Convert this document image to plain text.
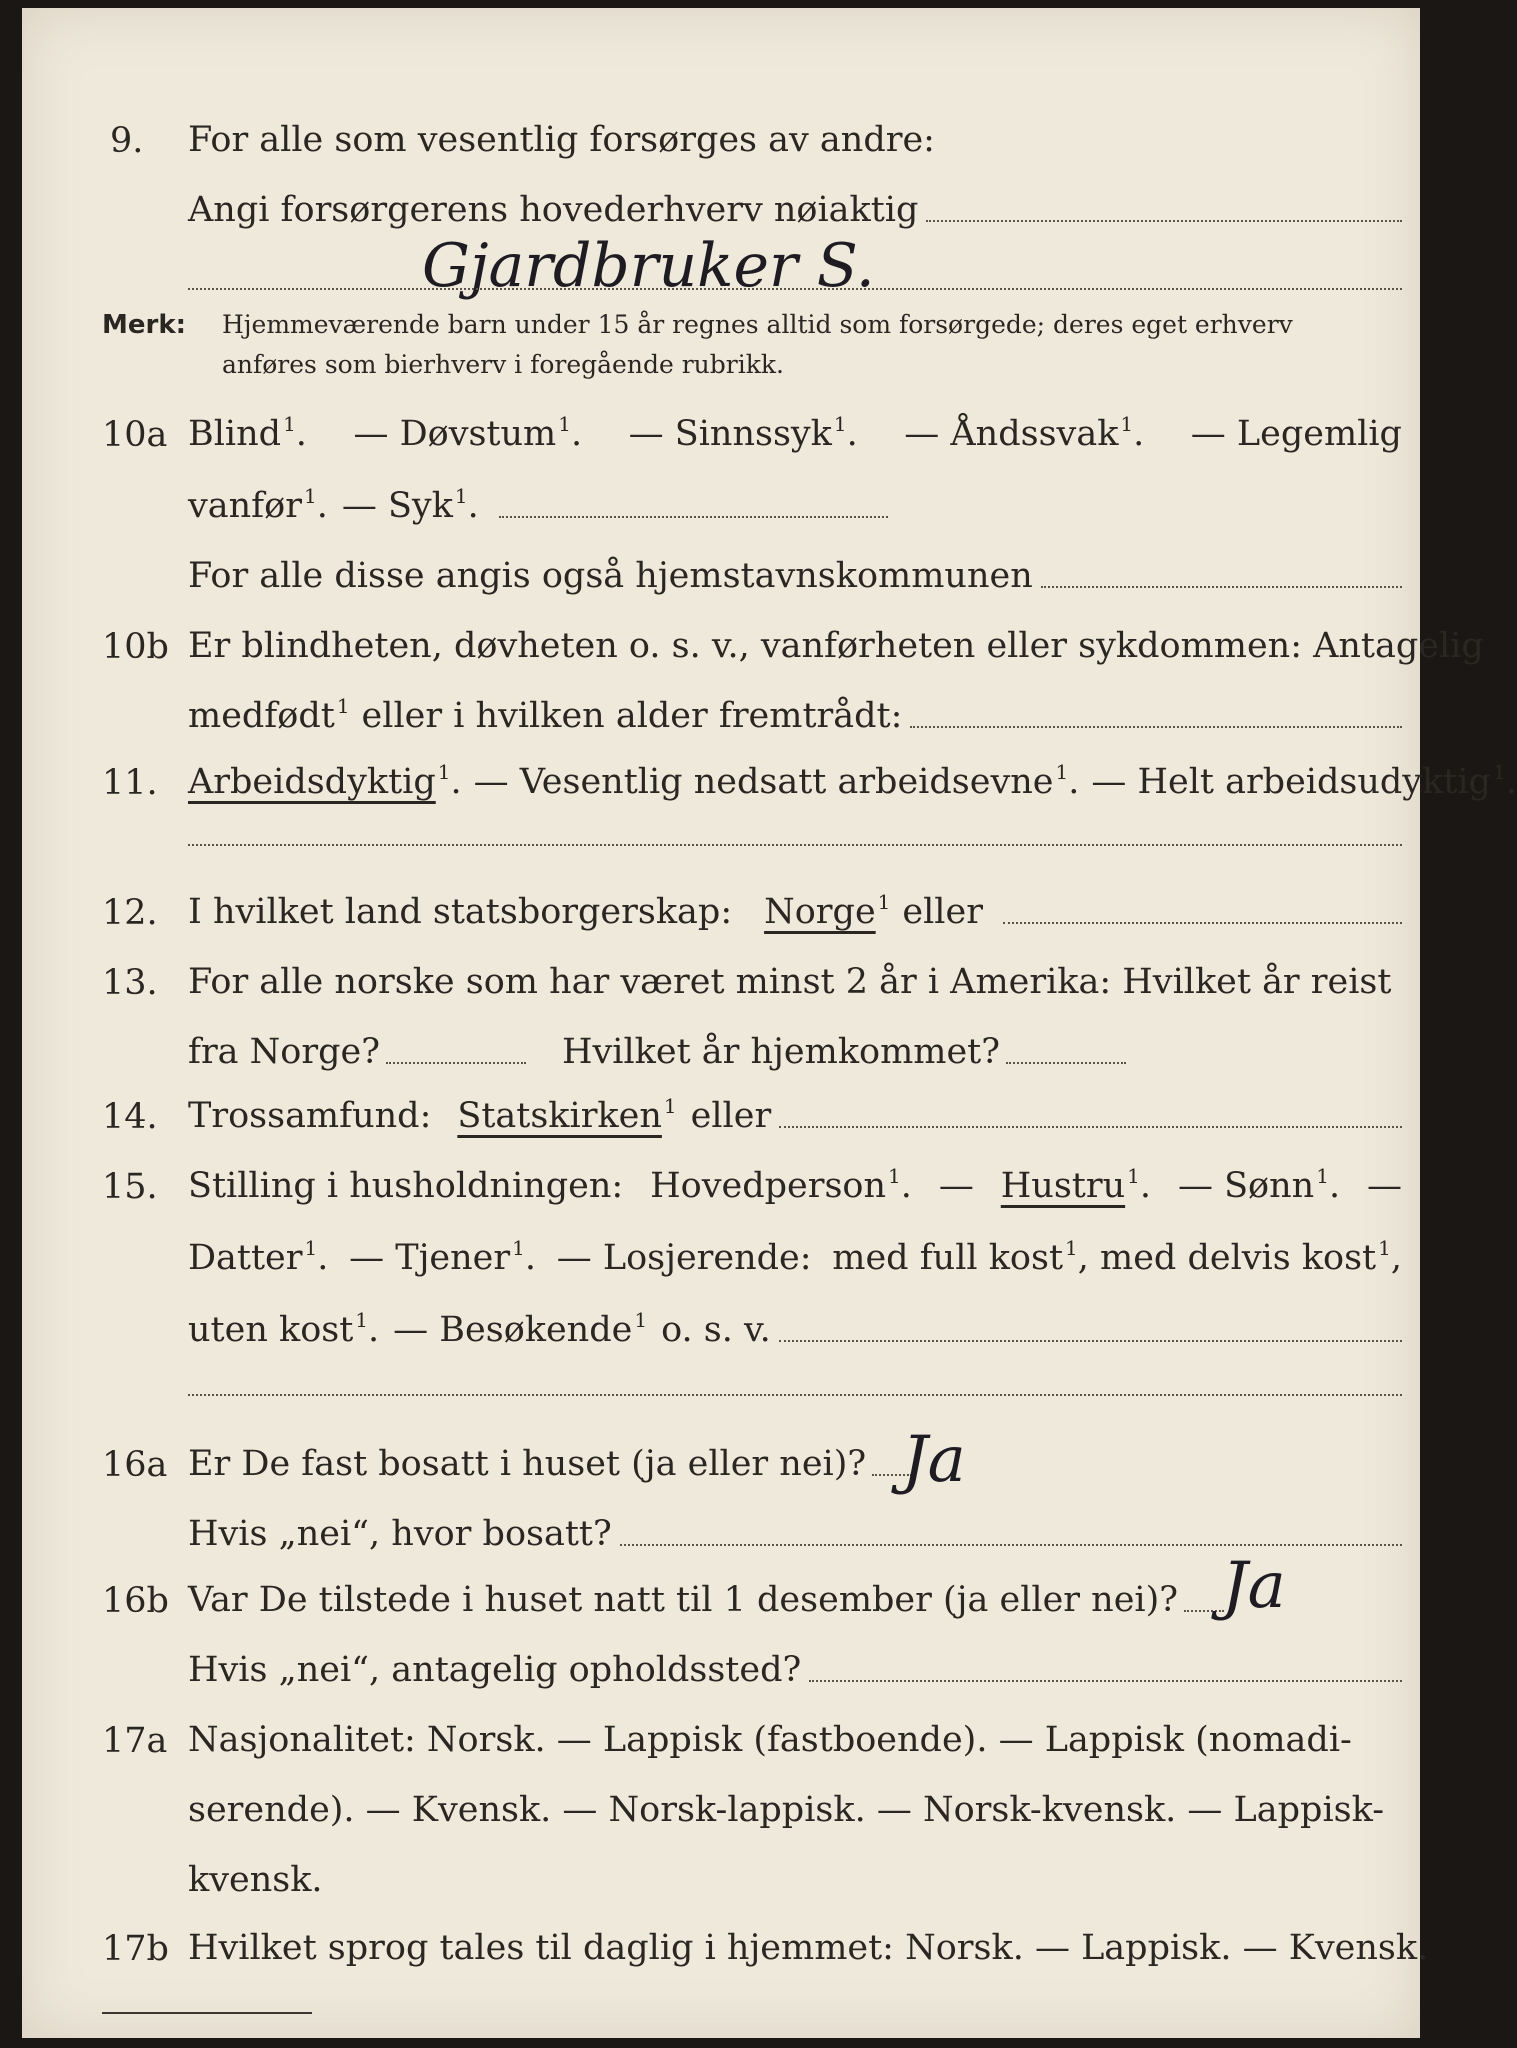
9. For alle som vesentlig forsørges av andre:
Angi forsørgerens hovederhverv nøiaktig
Gjardbruker S.
Merk: Hjemmeværende barn under 15 år regnes alltid som forsørgede; deres eget erhverv
anføres som bierhverv i foregående rubrikk.
10a Blind $^1$. — Døvstum $^1$. — Sinnssyk $^1$. — Åndssvak $^1$. — Legemlig
vanfør $^1$. — Syk $^1$.
For alle disse angis også hjemstavnskommunen
10b Er blindheten, døvheten o. s. v., vanførheten eller sykdommen: Antagelig
medfødt $^1$ eller i hvilken alder fremtrådt:
11. Arbeidsdyktig $^1$. — Vesentlig nedsatt arbeidsevne $^1$. — Helt arbeidsudyktig $^1$.
12. I hvilket land statsborgerskap: Norge $^1$ eller
13. For alle norske som har været minst 2 år i Amerika: Hvilket år reist
fra Norge?	Hvilket år hjemkommet?
14. Trossamfund: Statskirken $^1$ eller
15. Stilling i husholdningen: Hovedperson $^1$. — Hustru $^1$. — Sønn $^1$. —
Datter $^1$. — Tjener $^1$. — Losjerende: med full kost $^1$, med delvis kost $^1$,
uten kost $^1$. — Besøkende $^1$ o. s. v.
16a Er De fast bosatt i huset (ja eller nei)? Ja
Hvis „nei“, hvor bosatt?
16b Var De tilstede i huset natt til 1 desember (ja eller nei)? Ja
Hvis „nei“, antagelig opholdssted?
17a Nasjonalitet: Norsk. — Lappisk (fastboende). — Lappisk (nomadi-
serende). — Kvensk. — Norsk-lappisk. — Norsk-kvensk. — Lappisk-
kvensk.
17b Hvilket sprog tales til daglig i hjemmet: Norsk. — Lappisk. — Kvensk.
